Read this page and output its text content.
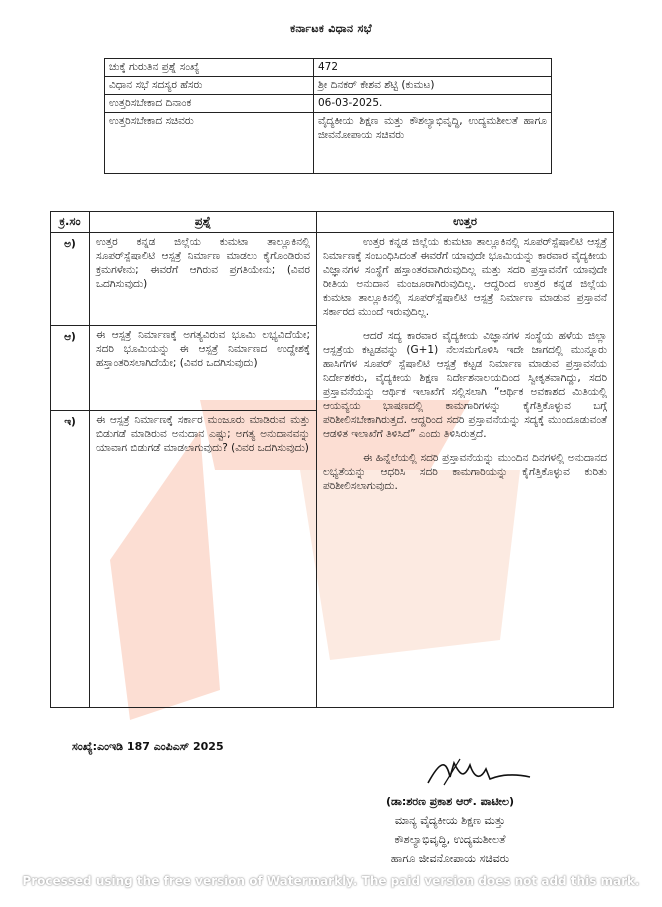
ಕರ್ನಾಟಕ ವಿಧಾನ ಸಭೆ
ಚುಕ್ಕೆ ಗುರುತಿನ ಪ್ರಶ್ನೆ ಸಂಖ್ಯೆ	472
ವಿಧಾನ ಸಭೆ ಸದಸ್ಯರ ಹೆಸರು	ಶ್ರೀ ದಿನಕರ್ ಕೇಶವ ಶೆಟ್ಟಿ (ಕುಮಟ)
ಉತ್ತರಿಸಬೇಕಾದ ದಿನಾಂಕ	06-03-2025.
ಉತ್ತರಿಸಬೇಕಾದ ಸಚಿವರು	ವೈದ್ಯಕೀಯ ಶಿಕ್ಷಣ ಮತ್ತು ಕೌಶಲ್ಯಾಭಿವೃದ್ಧಿ, ಉದ್ಯಮಶೀಲತೆ ಹಾಗೂ ಜೀವನೋಪಾಯ ಸಚಿವರು
ಕ್ರ.ಸಂ	ಪ್ರಶ್ನೆ	ಉತ್ತರ
ಅ)	ಉತ್ತರ ಕನ್ನಡ ಜಿಲ್ಲೆಯ ಕುಮಟಾ ತಾಲ್ಲೂಕಿನಲ್ಲಿ ಸೂಪರ್‌ಸ್ಪೆಷಾಲಿಟಿ ಆಸ್ಪತ್ರೆ ನಿರ್ಮಾಣ ಮಾಡಲು ಕೈಗೊಂಡಿರುವ ಕ್ರಮಗಳೇನು; ಈವರೆಗೆ ಆಗಿರುವ ಪ್ರಗತಿಯೇನು; (ವಿವರ ಒದಗಿಸುವುದು)	ಉತ್ತರ ಕನ್ನಡ ಜಿಲ್ಲೆಯ ಕುಮಟಾ ತಾಲ್ಲೂಕಿನಲ್ಲಿ ಸೂಪರ್‌ಸ್ಪೆಷಾಲಿಟಿ ಆಸ್ಪತ್ರೆ ನಿರ್ಮಾಣಕ್ಕೆ ಸಂಬಂಧಿಸಿದಂತೆ ಈವರೆಗೆ ಯಾವುದೇ ಭೂಮಿಯನ್ನು ಕಾರವಾರ ವೈದ್ಯಕೀಯ ವಿಜ್ಞಾನಗಳ ಸಂಸ್ಥೆಗೆ ಹಸ್ತಾಂತರವಾಗಿರುವುದಿಲ್ಲ ಮತ್ತು ಸದರಿ ಪ್ರಸ್ತಾವನೆಗೆ ಯಾವುದೇ ರೀತಿಯ ಅನುದಾನ ಮಂಜೂರಾಗಿರುವುದಿಲ್ಲ. ಆದ್ದರಿಂದ ಉತ್ತರ ಕನ್ನಡ ಜಿಲ್ಲೆಯ ಕುಮಟಾ ತಾಲ್ಲೂಕಿನಲ್ಲಿ ಸೂಪರ್‌ಸ್ಪೆಷಾಲಿಟಿ ಆಸ್ಪತ್ರೆ ನಿರ್ಮಾಣ ಮಾಡುವ ಪ್ರಸ್ತಾವನೆ ಸರ್ಕಾರದ ಮುಂದೆ ಇರುವುದಿಲ್ಲ.

ಆದರೆ ಸದ್ಯ ಕಾರವಾರ ವೈದ್ಯಕೀಯ ವಿಜ್ಞಾನಗಳ ಸಂಸ್ಥೆಯ ಹಳೆಯ ಜಿಲ್ಲಾ ಆಸ್ಪತ್ರೆಯ ಕಟ್ಟಡವನ್ನು (G+1) ನೆಲಸಮಗೊಳಿಸಿ ಇದೇ ಜಾಗದಲ್ಲಿ ಮುನ್ನೂರು ಹಾಸಿಗೆಗಳ ಸೂಪರ್ ಸ್ಪೆಷಾಲಿಟಿ ಆಸ್ಪತ್ರೆ ಕಟ್ಟಡ ನಿರ್ಮಾಣ ಮಾಡುವ ಪ್ರಸ್ತಾವನೆಯ ನಿರ್ದೇಶಕರು, ವೈದ್ಯಕೀಯ ಶಿಕ್ಷಣ ನಿರ್ದೇಶನಾಲಯದಿಂದ ಸ್ವೀಕೃತವಾಗಿದ್ದು, ಸದರಿ ಪ್ರಸ್ತಾವನೆಯನ್ನು ಆರ್ಥಿಕ ಇಲಾಖೆಗೆ ಸಲ್ಲಿಸಲಾಗಿ “ಆರ್ಥಿಕ ಅವಕಾಶದ ಮಿತಿಯಲ್ಲಿ ಆಯವ್ಯಯ ಭಾಷಣದಲ್ಲಿ ಕಾಮಗಾರಿಗಳನ್ನು ಕೈಗೆತ್ತಿಕೊಳ್ಳುವ ಬಗ್ಗೆ ಪರಿಶೀಲಿಸಬೇಕಾಗಿರುತ್ತದೆ. ಆದ್ದರಿಂದ ಸದರಿ ಪ್ರಸ್ತಾವನೆಯನ್ನು ಸದ್ಯಕ್ಕೆ ಮುಂದೂಡುವಂತೆ ಆಡಳಿತ ಇಲಾಖೆಗೆ ತಿಳಿಸಿದೆ” ಎಂದು ತಿಳಿಸಿರುತ್ತದೆ.

ಈ ಹಿನ್ನೆಲೆಯಲ್ಲಿ ಸದರಿ ಪ್ರಸ್ತಾವನೆಯನ್ನು ಮುಂದಿನ ದಿನಗಳಲ್ಲಿ ಅನುದಾನದ ಲಭ್ಯತೆಯನ್ನು ಆಧರಿಸಿ ಸದರಿ ಕಾಮಗಾರಿಯನ್ನು ಕೈಗೆತ್ತಿಕೊಳ್ಳುವ ಕುರಿತು ಪರಿಶೀಲಿಸಲಾಗುವುದು.

ಆ)	ಈ ಆಸ್ಪತ್ರೆ ನಿರ್ಮಾಣಕ್ಕೆ ಅಗತ್ಯವಿರುವ ಭೂಮಿ ಲಭ್ಯವಿದೆಯೇ; ಸದರಿ ಭೂಮಿಯನ್ನು ಈ ಆಸ್ಪತ್ರೆ ನಿರ್ಮಾಣದ ಉದ್ದೇಶಕ್ಕೆ ಹಸ್ತಾಂತರಿಸಲಾಗಿದೆಯೇ; (ವಿವರ ಒದಗಿಸುವುದು)	
ಇ)	ಈ ಆಸ್ಪತ್ರೆ ನಿರ್ಮಾಣಕ್ಕೆ ಸರ್ಕಾರ ಮಂಜೂರು ಮಾಡಿರುವ ಮತ್ತು ಬಿಡುಗಡೆ ಮಾಡಿರುವ ಅನುದಾನ ಎಷ್ಟು; ಅಗತ್ಯ ಅನುದಾನವನ್ನು ಯಾವಾಗ ಬಿಡುಗಡೆ ಮಾಡಲಾಗುವುದು? (ವಿವರ ಒದಗಿಸುವುದು)	
ಸಂಖ್ಯೆ:ಎಂಇಡಿ 187 ಎಂಪಿಎಸ್ 2025
(ಡಾ:ಶರಣ ಪ್ರಕಾಶ ಆರ್. ಪಾಟೀಲ)
ಮಾನ್ಯ ವೈದ್ಯಕೀಯ ಶಿಕ್ಷಣ ಮತ್ತು
ಕೌಶಲ್ಯಾಭಿವೃದ್ಧಿ, ಉದ್ಯಮಶೀಲತೆ
ಹಾಗೂ ಜೀವನೋಪಾಯ ಸಚಿವರು
Processed using the free version of Watermarkly. The paid version does not add this mark.
